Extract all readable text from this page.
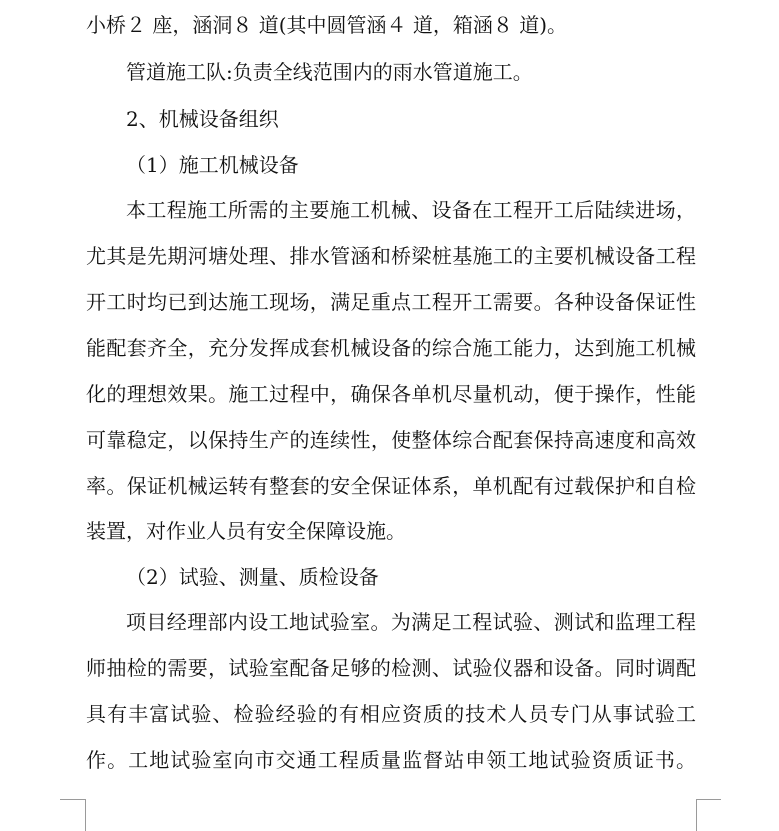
小桥２ 座，涵洞８ 道(其中圆管涵４ 道，箱涵８ 道)。
管道施工队:负责全线范围内的雨水管道施工。
2、机械设备组织
（1）施工机械设备
本工程施工所需的主要施工机械、设备在工程开工后陆续进场，
尤其是先期河塘处理、排水管涵和桥梁桩基施工的主要机械设备工程
开工时均已到达施工现场，满足重点工程开工需要。各种设备保证性
能配套齐全，充分发挥成套机械设备的综合施工能力，达到施工机械
化的理想效果。施工过程中，确保各单机尽量机动，便于操作，性能
可靠稳定，以保持生产的连续性，使整体综合配套保持高速度和高效
率。保证机械运转有整套的安全保证体系，单机配有过载保护和自检
装置，对作业人员有安全保障设施。
（2）试验、测量、质检设备
项目经理部内设工地试验室。为满足工程试验、测试和监理工程
师抽检的需要，试验室配备足够的检测、试验仪器和设备。同时调配
具有丰富试验、检验经验的有相应资质的技术人员专门从事试验工
作。工地试验室向市交通工程质量监督站申领工地试验资质证书。
